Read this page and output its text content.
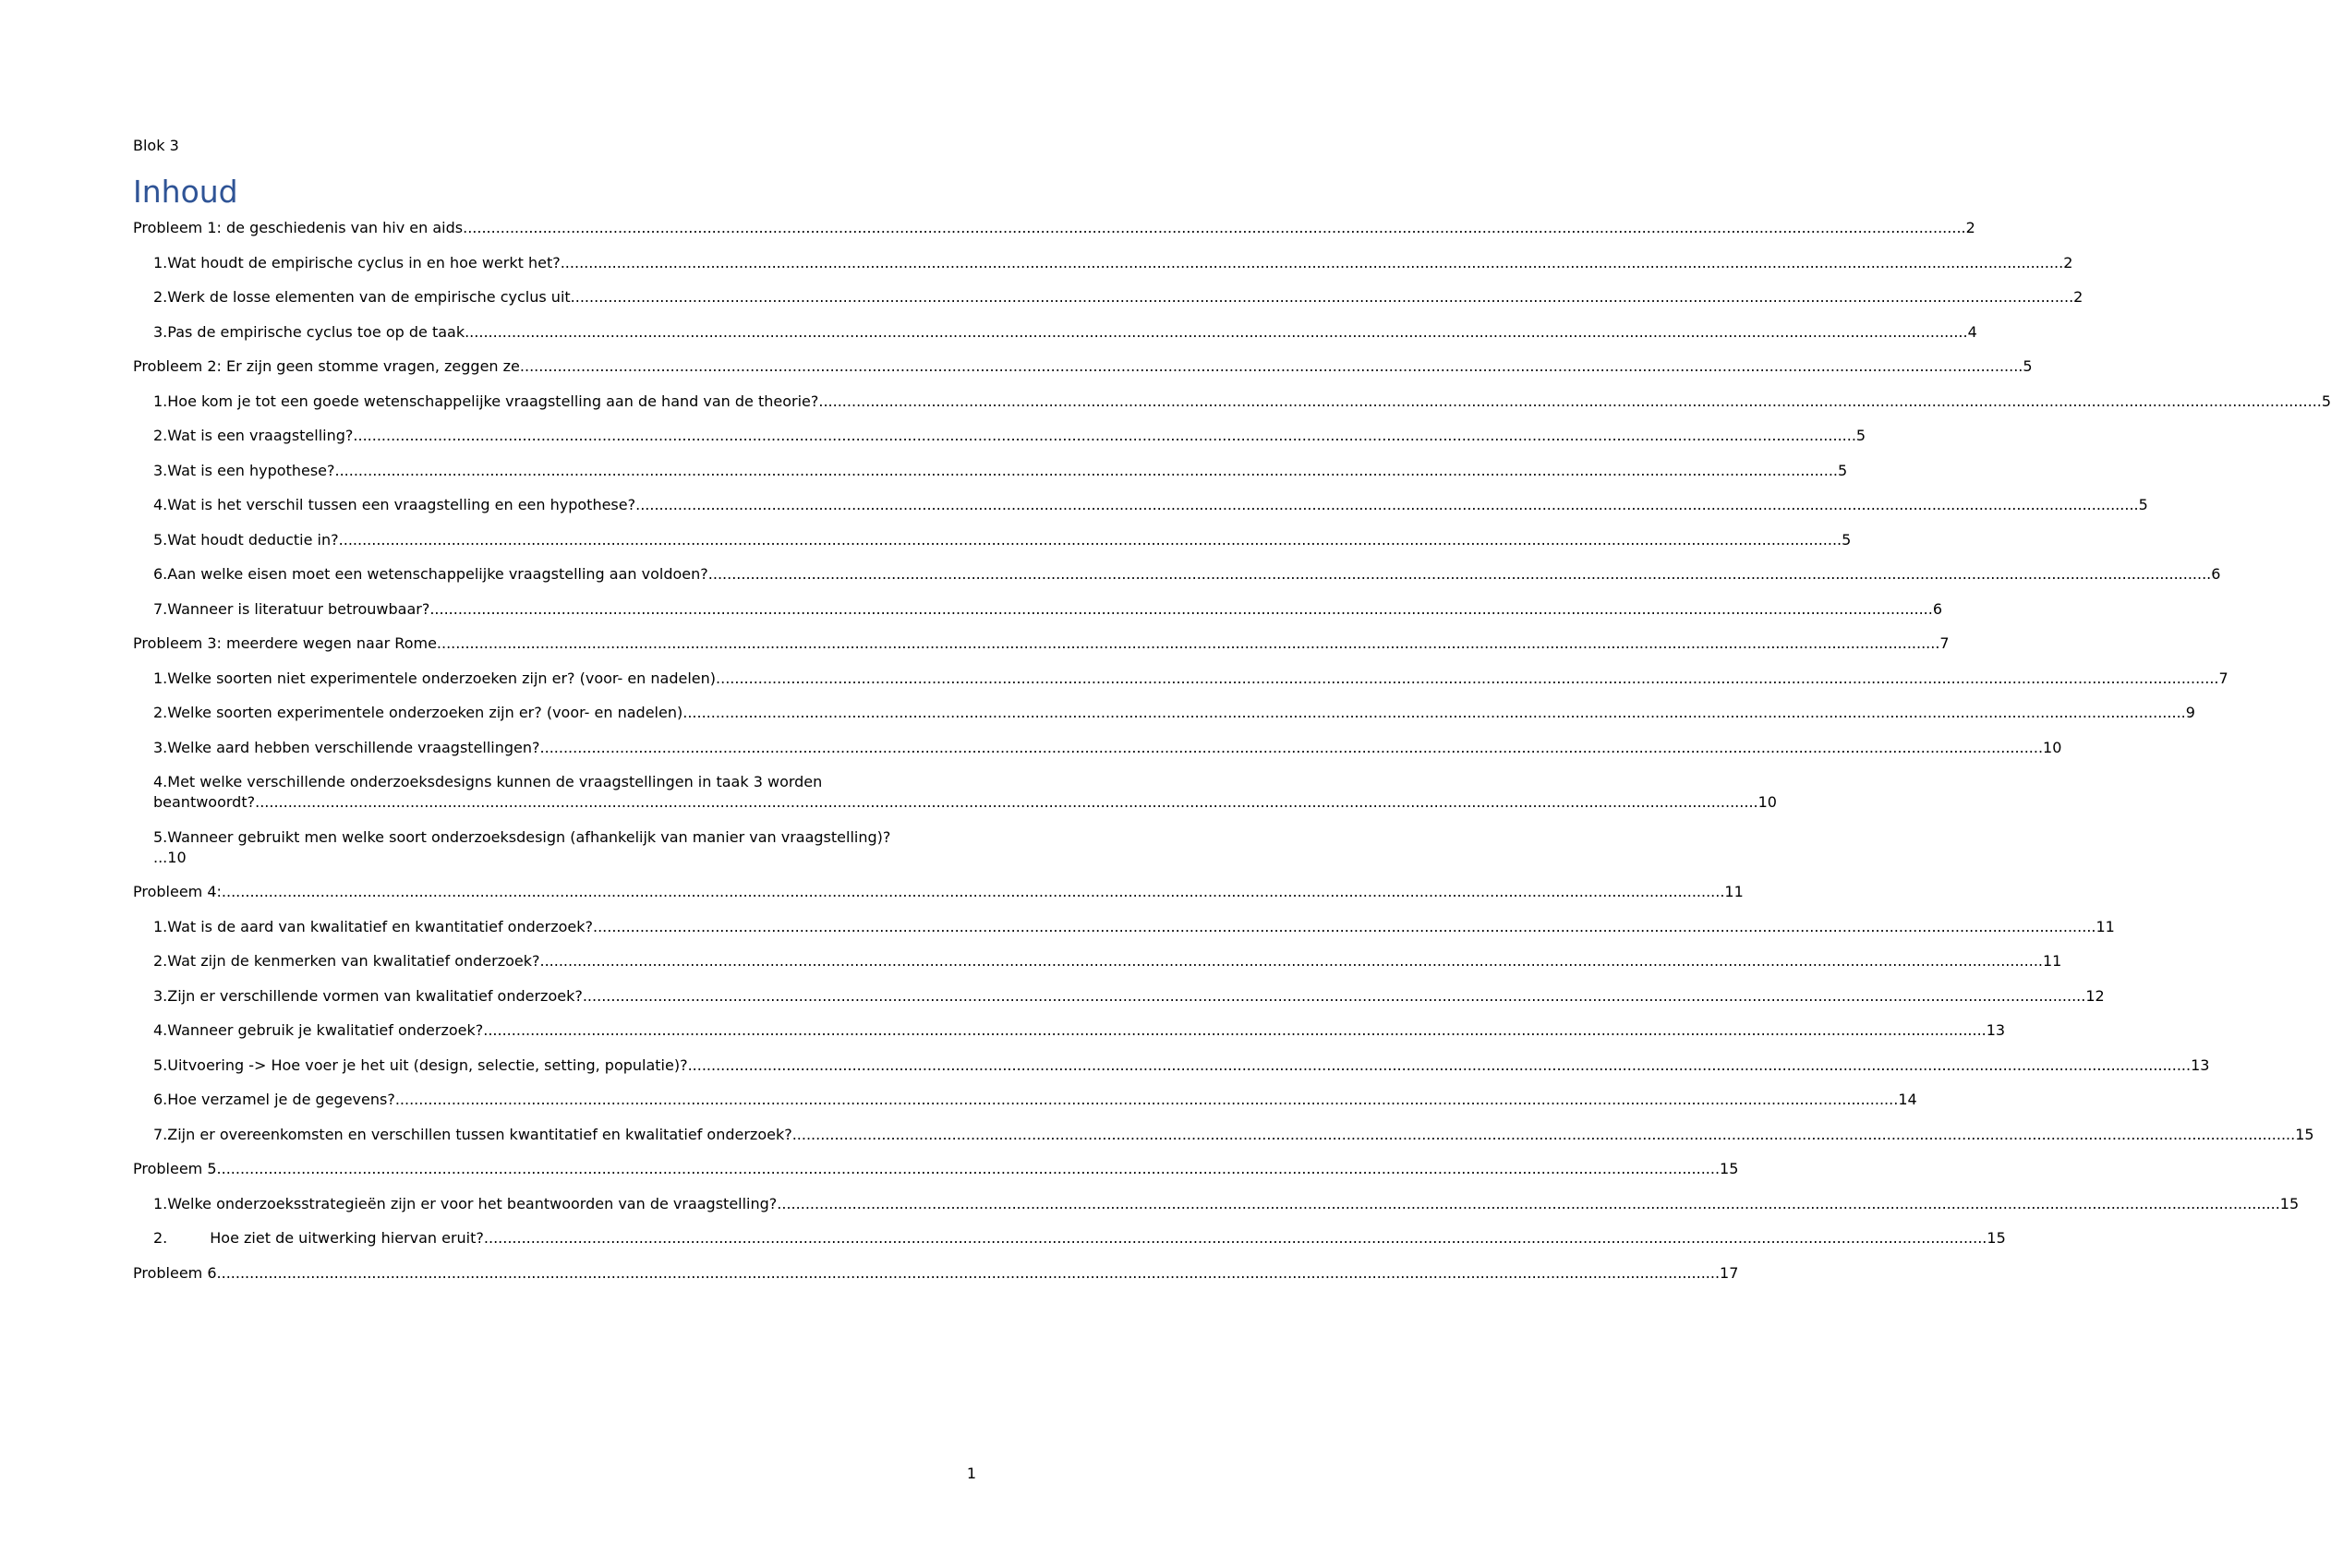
Blok 3
Inhoud
Probleem 1: de geschiedenis van hiv en aids .....	2
1.Wat houdt de empirische cyclus in en hoe werkt het? .....	2
2.Werk de losse elementen van de empirische cyclus uit .....	2
3.Pas de empirische cyclus toe op de taak .....	4
Probleem 2: Er zijn geen stomme vragen, zeggen ze .....	5
1.Hoe kom je tot een goede wetenschappelijke vraagstelling aan de hand van de theorie? .....	5
2.Wat is een vraagstelling? .....	5
3.Wat is een hypothese? .....	5
4.Wat is het verschil tussen een vraagstelling en een hypothese? .....	5
5.Wat houdt deductie in? .....	5
6.Aan welke eisen moet een wetenschappelijke vraagstelling aan voldoen? .....	6
7.Wanneer is literatuur betrouwbaar? .....	6
Probleem 3: meerdere wegen naar Rome .....	7
1.Welke soorten niet experimentele onderzoeken zijn er? (voor- en nadelen) .....	7
2.Welke soorten experimentele onderzoeken zijn er? (voor- en nadelen) .....	9
3.Welke aard hebben verschillende vraagstellingen? .....	10
4.Met welke verschillende onderzoeksdesigns kunnen de vraagstellingen in taak 3 worden
beantwoordt? .....	10
5.Wanneer gebruikt men welke soort onderzoeksdesign (afhankelijk van manier van vraagstelling)?
... 10
Probleem 4: .....	11
1.Wat is de aard van kwalitatief en kwantitatief onderzoek? .....	11
2.Wat zijn de kenmerken van kwalitatief onderzoek? .....	11
3.Zijn er verschillende vormen van kwalitatief onderzoek? .....	12
4.Wanneer gebruik je kwalitatief onderzoek? .....	13
5.Uitvoering -> Hoe voer je het uit (design, selectie, setting, populatie)? .....	13
6.Hoe verzamel je de gegevens? .....	14
7.Zijn er overeenkomsten en verschillen tussen kwantitatief en kwalitatief onderzoek? .....	15
Probleem 5 .....	15
1.Welke onderzoeksstrategieën zijn er voor het beantwoorden van de vraagstelling? .....	15
2.	Hoe ziet de uitwerking hiervan eruit? .....	15
Probleem 6 .....	17
1
